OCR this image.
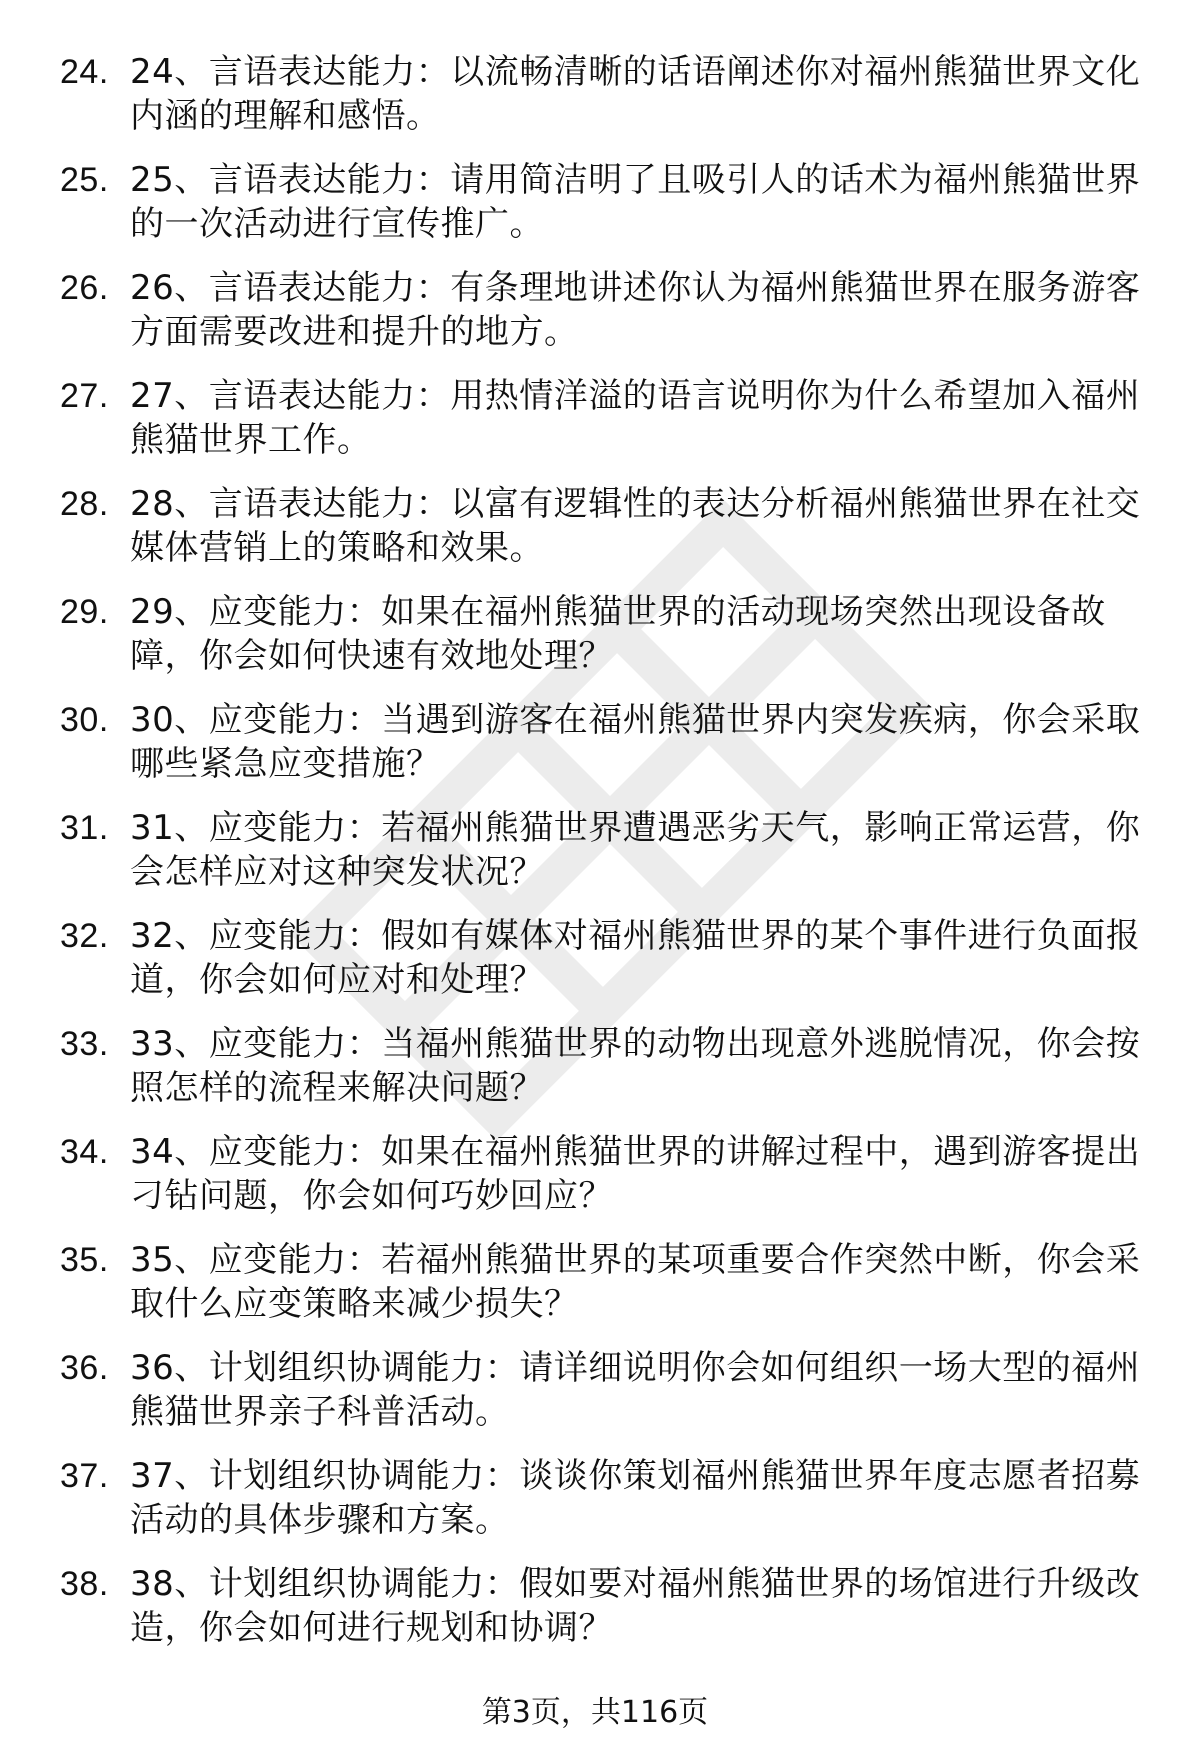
24. 24、言语表达能力：以流畅清晰的话语阐述你对福州熊猫世界文化内涵的理解和感悟。
25. 25、言语表达能力：请用简洁明了且吸引人的话术为福州熊猫世界的一次活动进行宣传推广。
26. 26、言语表达能力：有条理地讲述你认为福州熊猫世界在服务游客方面需要改进和提升的地方。
27. 27、言语表达能力：用热情洋溢的语言说明你为什么希望加入福州熊猫世界工作。
28. 28、言语表达能力：以富有逻辑性的表达分析福州熊猫世界在社交媒体营销上的策略和效果。
29. 29、应变能力：如果在福州熊猫世界的活动现场突然出现设备故障，你会如何快速有效地处理？
30. 30、应变能力：当遇到游客在福州熊猫世界内突发疾病，你会采取哪些紧急应变措施？
31. 31、应变能力：若福州熊猫世界遭遇恶劣天气，影响正常运营，你会怎样应对这种突发状况？
32. 32、应变能力：假如有媒体对福州熊猫世界的某个事件进行负面报道，你会如何应对和处理？
33. 33、应变能力：当福州熊猫世界的动物出现意外逃脱情况，你会按照怎样的流程来解决问题？
34. 34、应变能力：如果在福州熊猫世界的讲解过程中，遇到游客提出刁钻问题，你会如何巧妙回应？
35. 35、应变能力：若福州熊猫世界的某项重要合作突然中断，你会采取什么应变策略来减少损失？
36. 36、计划组织协调能力：请详细说明你会如何组织一场大型的福州熊猫世界亲子科普活动。
37. 37、计划组织协调能力：谈谈你策划福州熊猫世界年度志愿者招募活动的具体步骤和方案。
38. 38、计划组织协调能力：假如要对福州熊猫世界的场馆进行升级改造，你会如何进行规划和协调？
第3页，共116页
